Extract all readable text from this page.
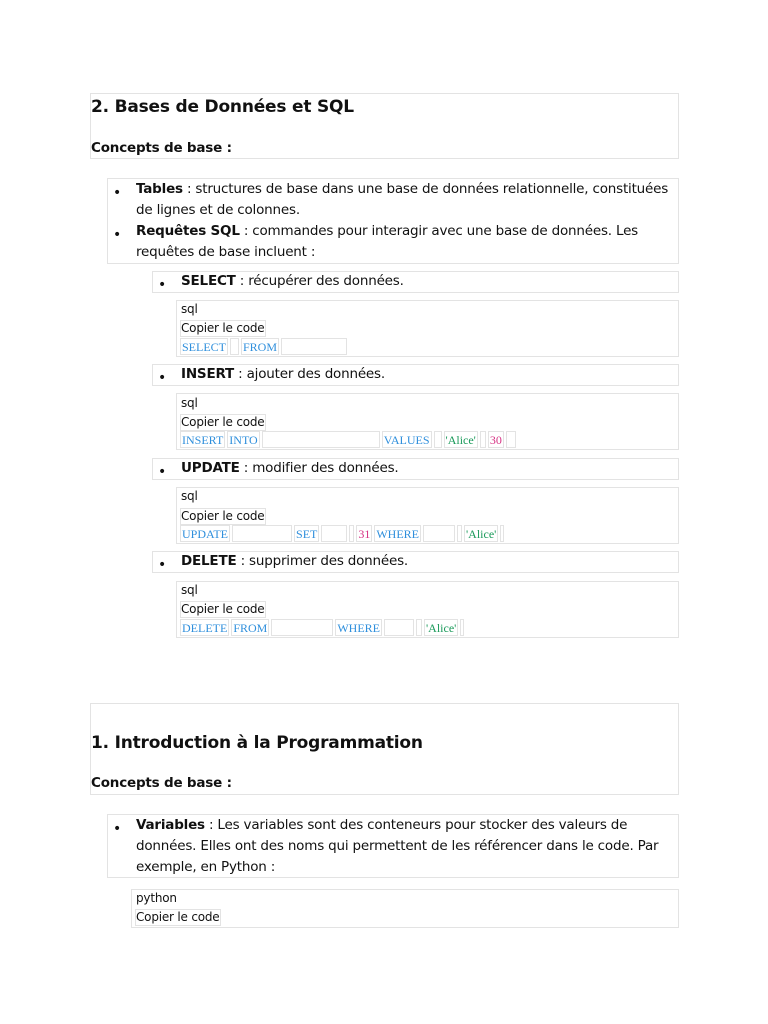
2. Bases de Données et SQL
Concepts de base :
• Tables : structures de base dans une base de données relationnelle, constituées de lignes et de colonnes.
• Requêtes SQL : commandes pour interagir avec une base de données. Les requêtes de base incluent :
• SELECT : récupérer des données.
sql
Copier le code
SELECT FROM
• INSERT : ajouter des données.
sql
Copier le code
INSERT INTO	VALUES 'Alice' 30
• UPDATE : modifier des données.
sql
Copier le code
UPDATE	SET	31 WHERE	'Alice'
• DELETE : supprimer des données.
sql
Copier le code
DELETE FROM	WHERE	'Alice'
1. Introduction à la Programmation
Concepts de base :
• Variables : Les variables sont des conteneurs pour stocker des valeurs de données. Elles ont des noms qui permettent de les référencer dans le code. Par exemple, en Python :
python
Copier le code
